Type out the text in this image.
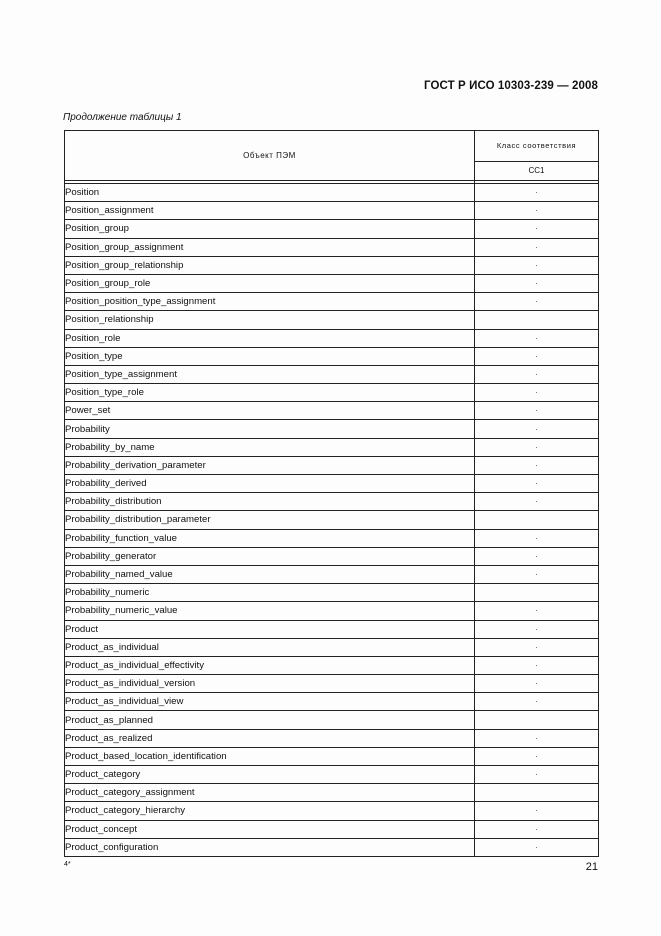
ГОСТ Р ИСО 10303-239 — 2008
Продолжение таблицы 1
Объект ПЭМ	Класс соответствия
	CC1

Position	·
Position_assignment	·
Position_group	·
Position_group_assignment	·
Position_group_relationship	·
Position_group_role	·
Position_position_type_assignment	·
Position_relationship	
Position_role	·
Position_type	·
Position_type_assignment	·
Position_type_role	·
Power_set	·
Probability	·
Probability_by_name	·
Probability_derivation_parameter	·
Probability_derived	·
Probability_distribution	·
Probability_distribution_parameter	
Probability_function_value	·
Probability_generator	·
Probability_named_value	·
Probability_numeric	
Probability_numeric_value	·
Product	·
Product_as_individual	·
Product_as_individual_effectivity	·
Product_as_individual_version	·
Product_as_individual_view	·
Product_as_planned	
Product_as_realized	·
Product_based_location_identification	·
Product_category	·
Product_category_assignment	
Product_category_hierarchy	·
Product_concept	·
Product_configuration	·
4*	21
